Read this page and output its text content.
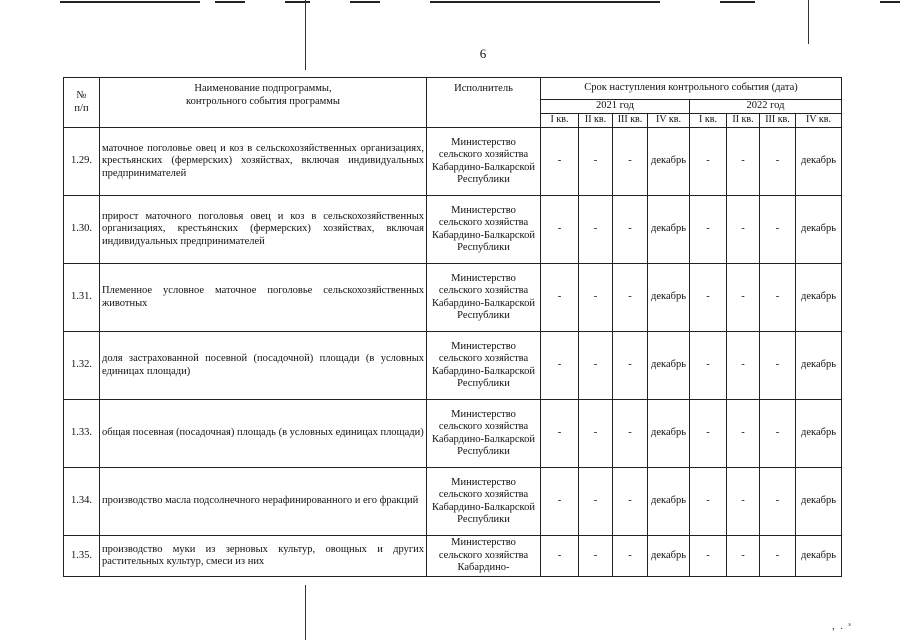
6
№
п/п	Наименование подпрограммы,
контрольного события программы	Исполнитель	Срок наступления контрольного события (дата)							
			2021 год				2022 год			
			I кв.	II кв.	III кв.	IV кв.	I кв.	II кв.	III кв.	IV кв.
1.29.	маточное поголовье овец и коз в сельскохозяйственных организациях, крестьянских (фермерских) хозяйствах, включая индивидуальных предпринимателей	Министерство сельского хозяйства Кабардино-Балкарской Республики	-	-	-	декабрь	-	-	-	декабрь
1.30.	прирост маточного поголовья овец и коз в сельскохозяйственных организациях, крестьянских (фермерских) хозяйствах, включая индивидуальных предпринимателей	Министерство сельского хозяйства Кабардино-Балкарской Республики	-	-	-	декабрь	-	-	-	декабрь
1.31.	Племенное условное маточное поголовье сельскохозяйственных животных	Министерство сельского хозяйства Кабардино-Балкарской Республики	-	-	-	декабрь	-	-	-	декабрь
1.32.	доля застрахованной посевной (посадочной) площади (в условных единицах площади)	Министерство сельского хозяйства Кабардино-Балкарской Республики	-	-	-	декабрь	-	-	-	декабрь
1.33.	общая посевная (посадочная) площадь (в условных единицах площади)	Министерство сельского хозяйства Кабардино-Балкарской Республики	-	-	-	декабрь	-	-	-	декабрь
1.34.	производство масла подсолнечного нерафинированного и его фракций	Министерство сельского хозяйства Кабардино-Балкарской Республики	-	-	-	декабрь	-	-	-	декабрь
1.35.	производство муки из зерновых культур, овощных и других растительных культур, смеси из них	Министерство сельского хозяйства Кабардино-	-	-	-	декабрь	-	-	-	декабрь
,  .  ˢ
